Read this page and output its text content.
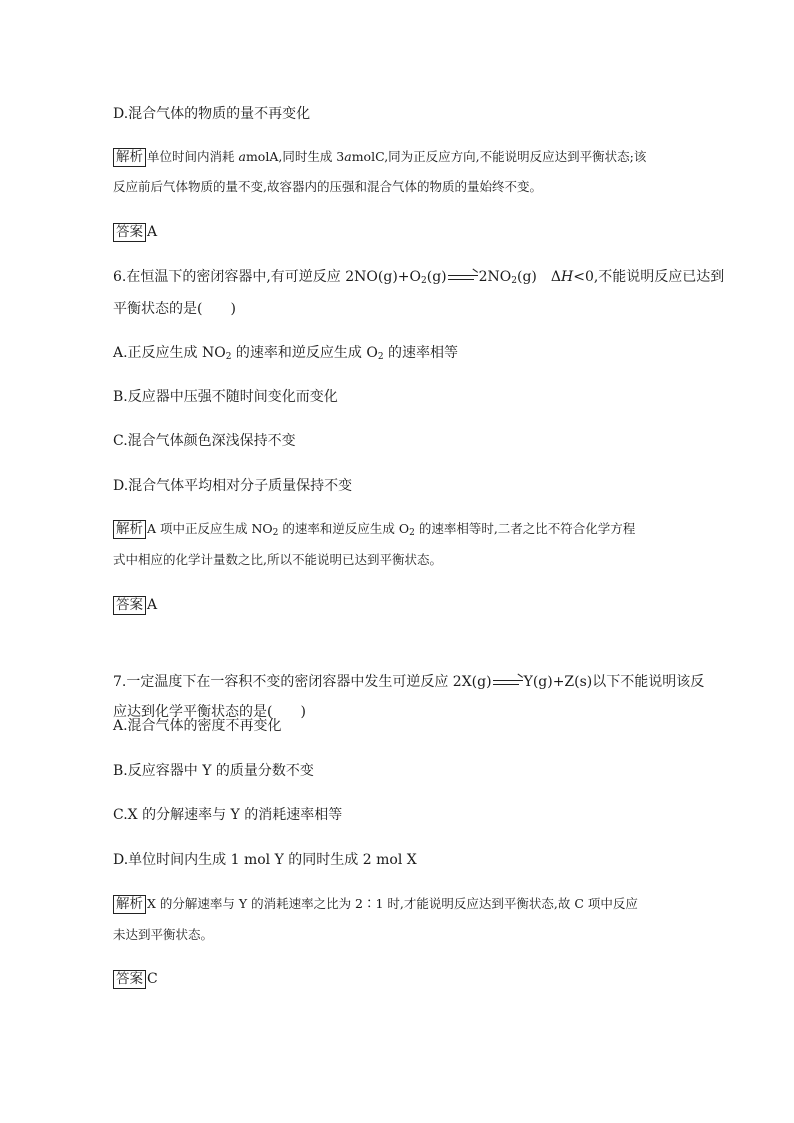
D.混合气体的物质的量不再变化
解析 单位时间内消耗 amolA,同时生成 3amolC,同为正反应方向,不能说明反应达到平衡状态;该
反应前后气体物质的量不变,故容器内的压强和混合气体的物质的量始终不变。
答案 A
6.在恒温下的密闭容器中,有可逆反应 $2NO(g)+O_2(g)\to 2NO_2(g)$　ΔH<0,不能说明反应已达到
平衡状态的是(　　)
A.正反应生成 $NO_2$ 的速率和逆反应生成 $O_2$ 的速率相等
B.反应器中压强不随时间变化而变化
C.混合气体颜色深浅保持不变
D.混合气体平均相对分子质量保持不变
解析 A 项中正反应生成 $NO_2$ 的速率和逆反应生成 $O_2$ 的速率相等时,二者之比不符合化学方程
式中相应的化学计量数之比,所以不能说明已达到平衡状态。
答案 A
7.一定温度下在一容积不变的密闭容器中发生可逆反应 2X(g)→Y(g)+Z(s)以下不能说明该反
应达到化学平衡状态的是(　　)
A.混合气体的密度不再变化
B.反应容器中 Y 的质量分数不变
C.X 的分解速率与 Y 的消耗速率相等
D.单位时间内生成 1 mol Y 的同时生成 2 mol X
解析 X 的分解速率与 Y 的消耗速率之比为 2∶1 时,才能说明反应达到平衡状态,故 C 项中反应
未达到平衡状态。
答案 C
